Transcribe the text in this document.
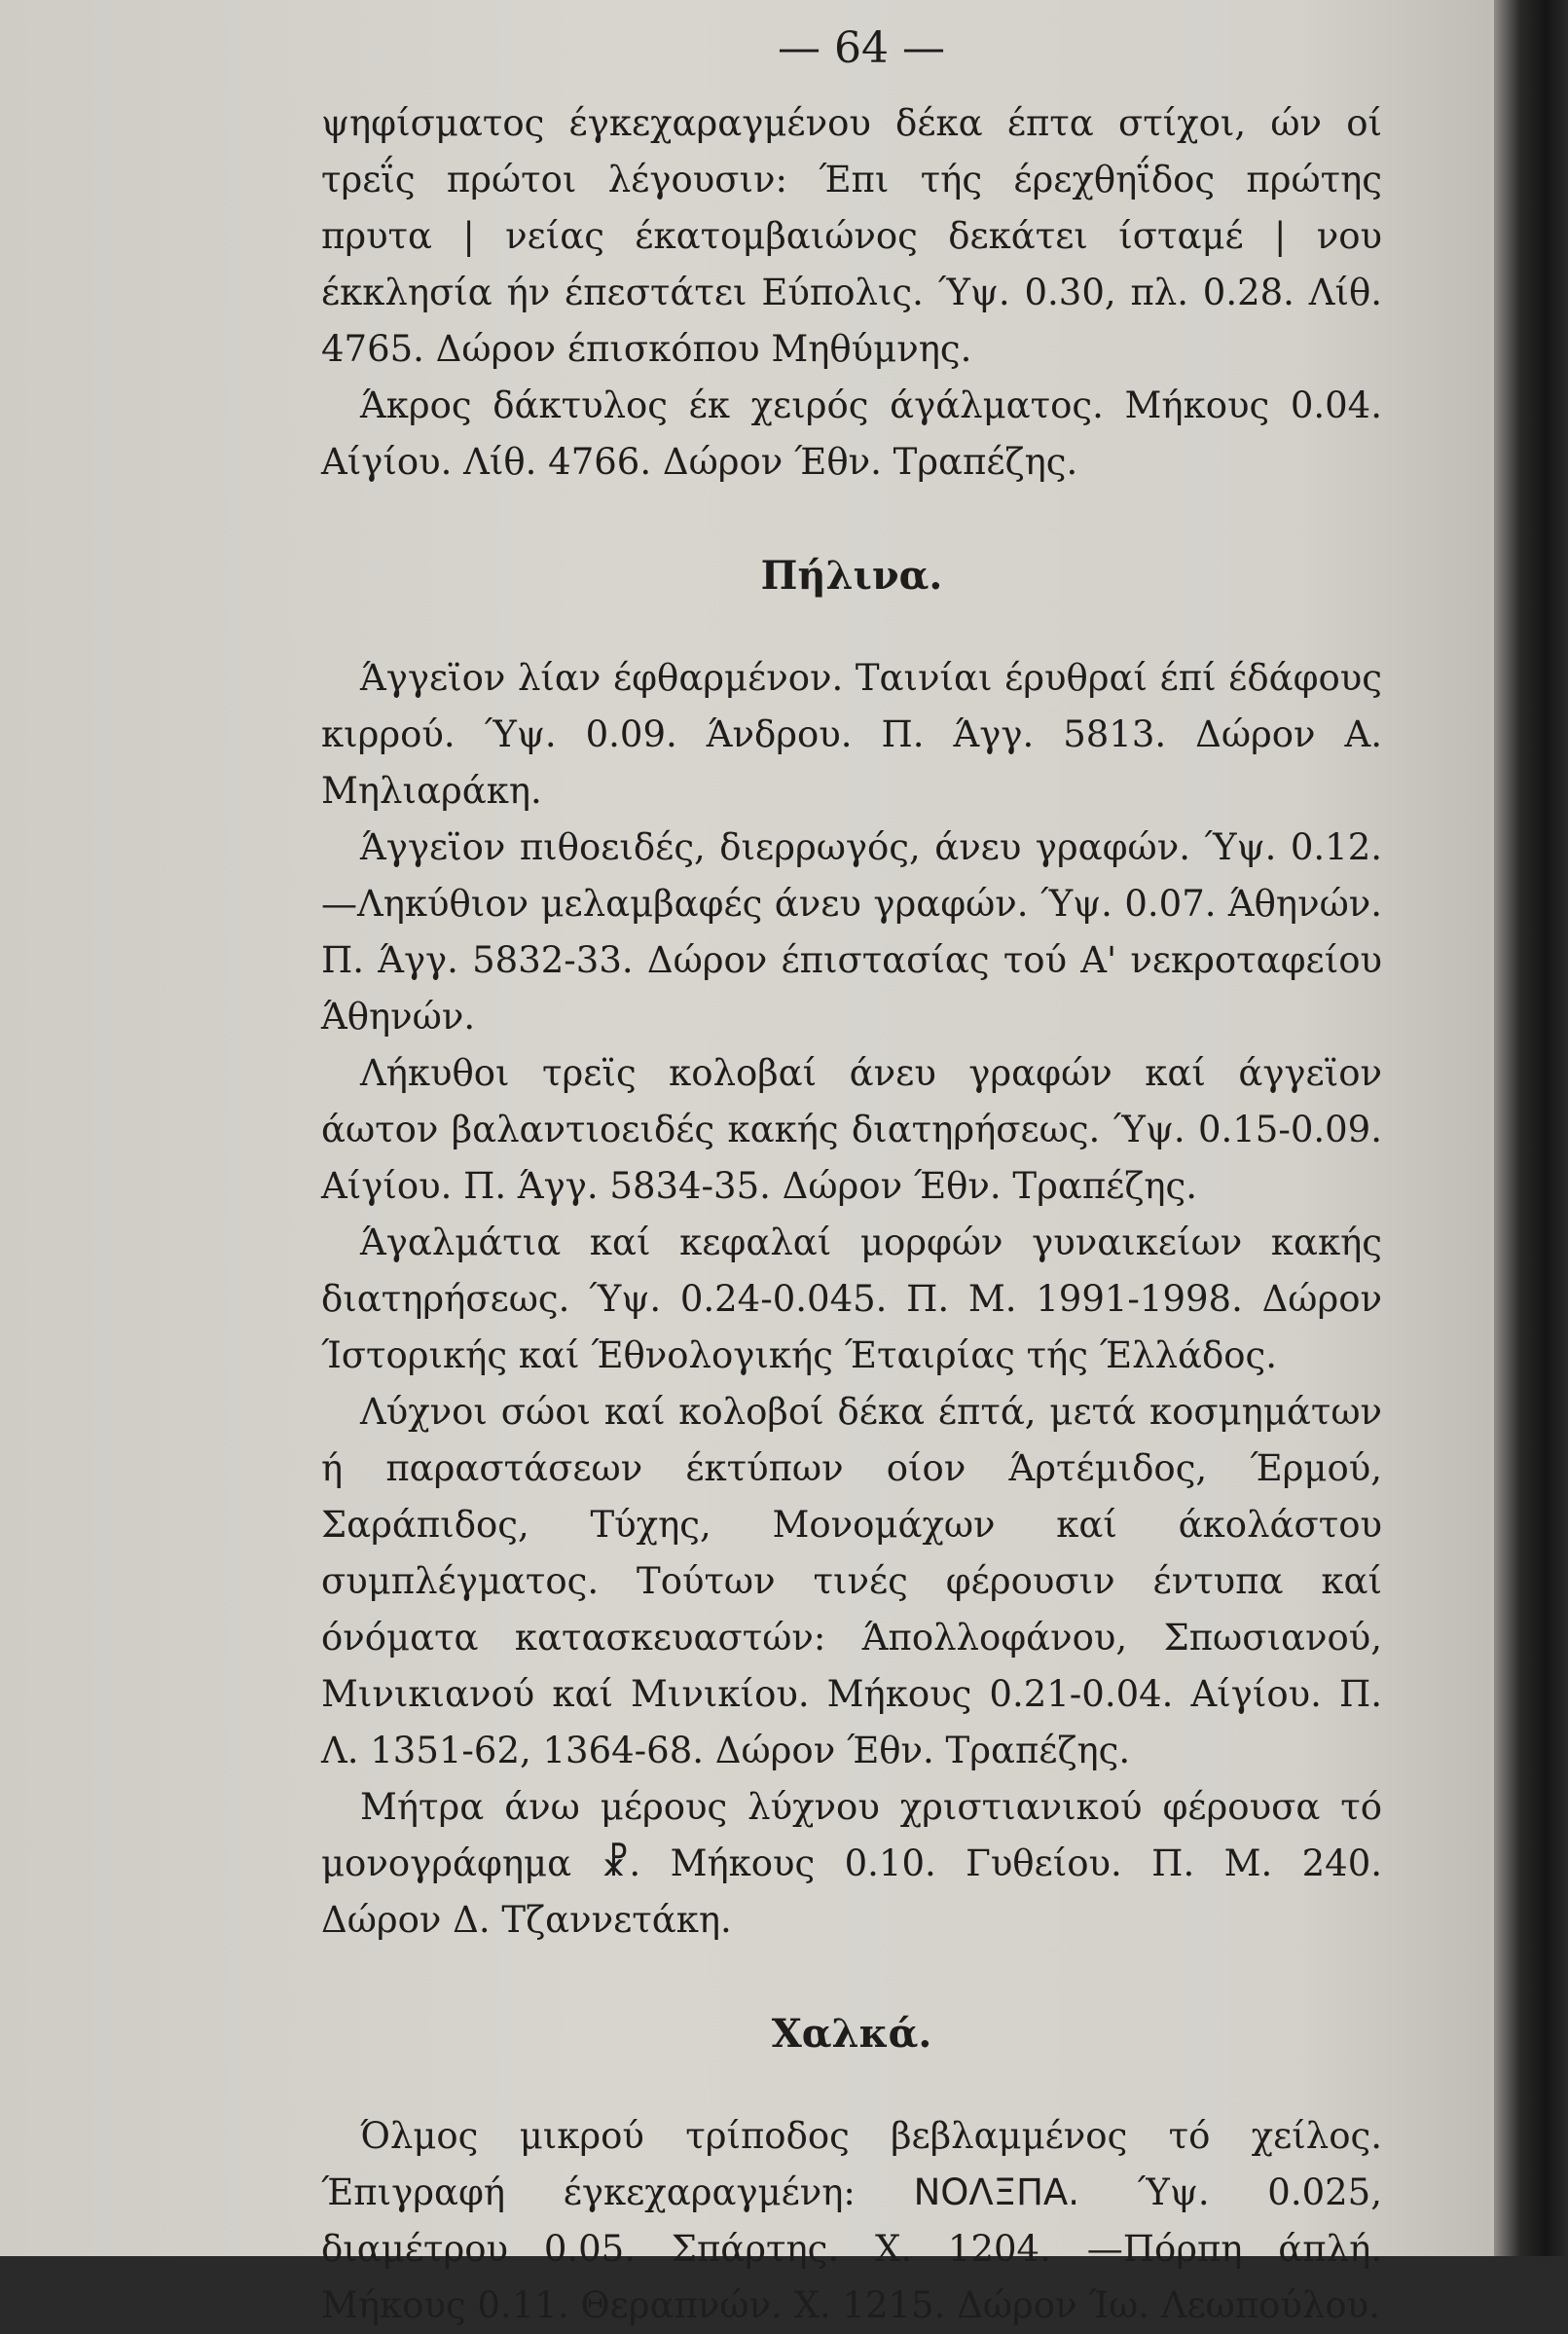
— 64 —

ψηφίσματος έγκεχαραγμένου δέκα έπτα στίχοι, ών οί τρεΐς πρώτοι λέγουσιν: Έπι τής έρεχθηΐδος πρώτης πρυτα | νείας έκατομβαιώνος δεκάτει ίσταμέ | νου έκκλησία ήν έπεστάτει Εύπολις. Ύψ. 0.30, πλ. 0.28. Λίθ. 4765. Δώρον έπισκόπου Μηθύμνης.

Άκρος δάκτυλος έκ χειρός άγάλματος. Μήκους 0.04. Αίγίου. Λίθ. 4766. Δώρον Έθν. Τραπέζης.

Πήλινα.

Άγγεϊον λίαν έφθαρμένον. Ταινίαι έρυθραί έπί έδάφους κιρρού. Ύψ. 0.09. Άνδρου. Π. Άγγ. 5813. Δώρον Α. Μηλιαράκη.

Άγγεϊον πιθοειδές, διερρωγός, άνευ γραφών. Ύψ. 0.12.—Ληκύθιον μελαμβαφές άνευ γραφών. Ύψ. 0.07. Άθηνών. Π. Άγγ. 5832-33. Δώρον έπιστασίας τού Α' νεκροταφείου Άθηνών.

Λήκυθοι τρεϊς κολοβαί άνευ γραφών καί άγγεϊον άωτον βαλαντιοειδές κακής διατηρήσεως. Ύψ. 0.15-0.09. Αίγίου. Π. Άγγ. 5834-35. Δώρον Έθν. Τραπέζης.

Άγαλμάτια καί κεφαλαί μορφών γυναικείων κακής διατηρήσεως. Ύψ. 0.24-0.045. Π. Μ. 1991-1998. Δώρον Ίστορικής καί Έθνολογικής Έταιρίας τής Έλλάδος.

Λύχνοι σώοι καί κολοβοί δέκα έπτά, μετά κοσμημάτων ή παραστάσεων έκτύπων οίον Άρτέμιδος, Έρμού, Σαράπιδος, Τύχης, Μονομάχων καί άκολάστου συμπλέγματος. Τούτων τινές φέρουσιν έντυπα καί όνόματα κατασκευαστών: Άπολλοφάνου, Σπωσιανού, Μινικιανού καί Μινικίου. Μήκους 0.21-0.04. Αίγίου. Π. Λ. 1351-62, 1364-68. Δώρον Έθν. Τραπέζης.

Μήτρα άνω μέρους λύχνου χριστιανικού φέρουσα τό μονογράφημα ☧. Μήκους 0.10. Γυθείου. Π. Μ. 240. Δώρον Δ. Τζαννετάκη.

Χαλκά.

Όλμος μικρού τρίποδος βεβλαμμένος τό χείλος. Έπιγραφή έγκεχαραγμένη: ΝΟΛΞΠΑ. Ύψ. 0.025, διαμέτρου 0.05. Σπάρτης. Χ. 1204. —Πόρπη άπλή. Μήκους 0.11. Θεραπνών. Χ. 1215. Δώρον Ίω. Λεωπούλου.
